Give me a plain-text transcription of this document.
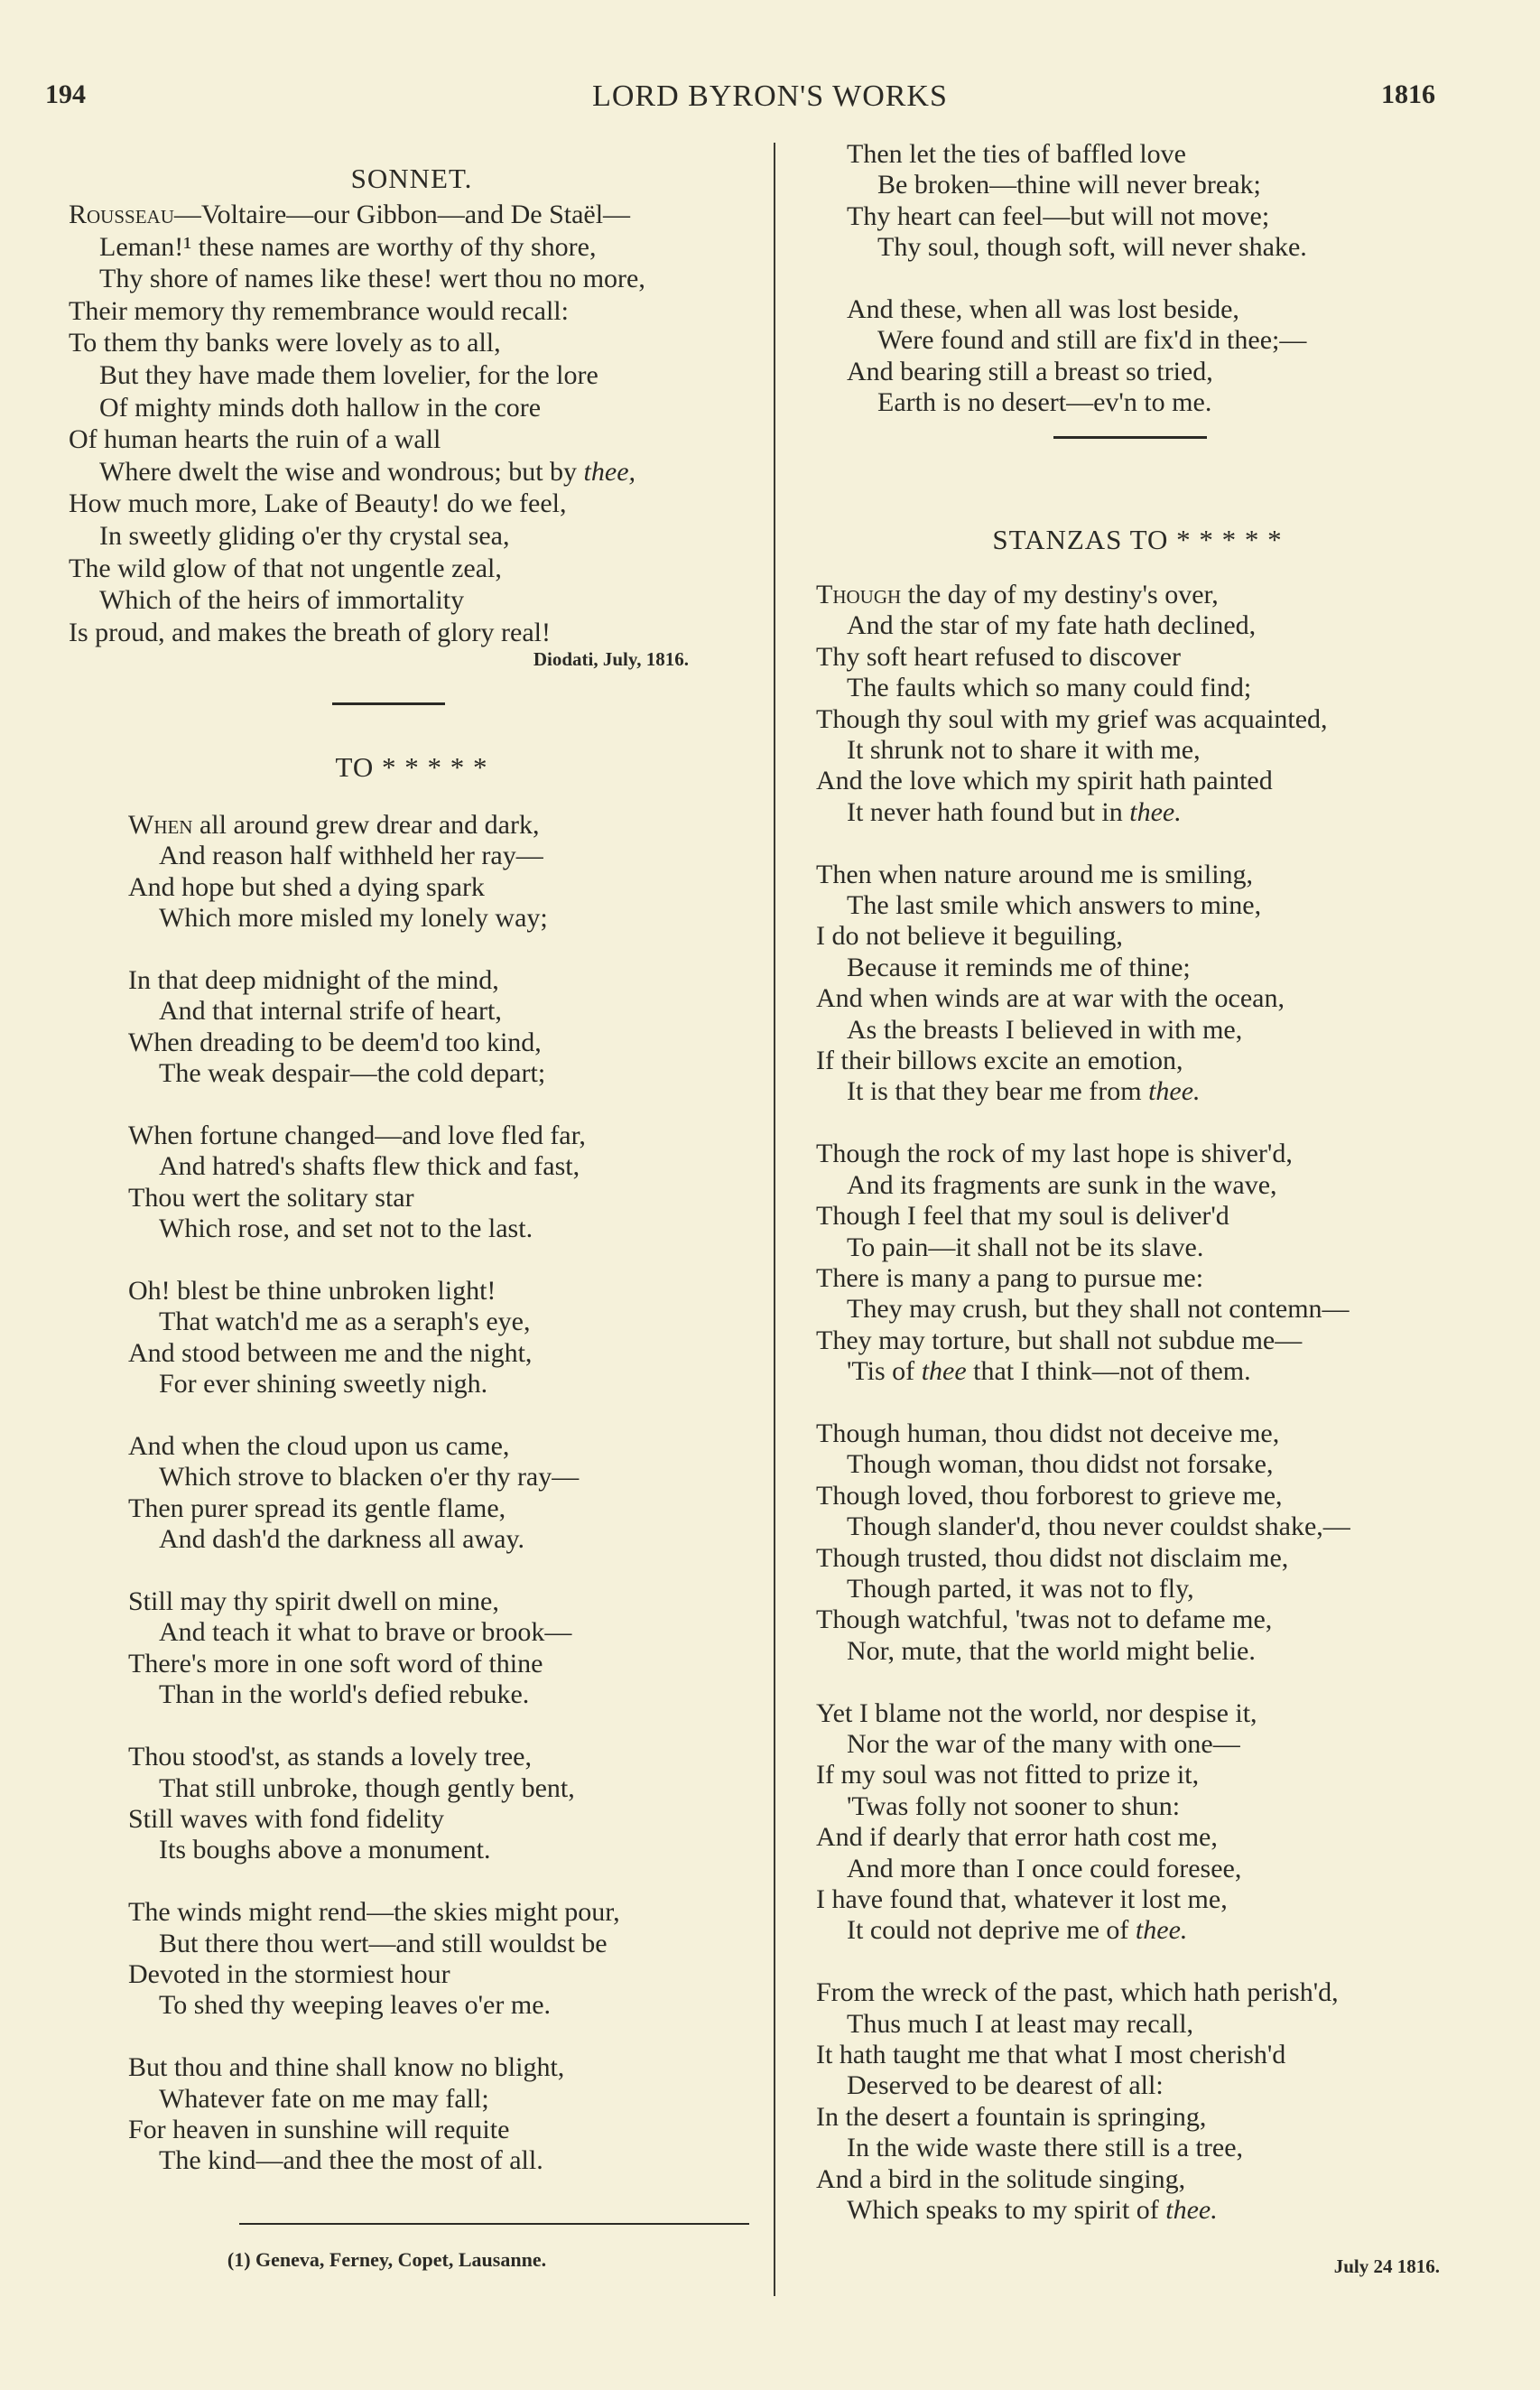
194	LORD BYRON'S WORKS	1816
SONNET.
Rousseau—Voltaire—our Gibbon—and De Staël—
Leman!¹ these names are worthy of thy shore,
Thy shore of names like these! wert thou no more,
Their memory thy remembrance would recall:
To them thy banks were lovely as to all,
But they have made them lovelier, for the lore
Of mighty minds doth hallow in the core
Of human hearts the ruin of a wall
Where dwelt the wise and wondrous; but by thee,
How much more, Lake of Beauty! do we feel,
In sweetly gliding o'er thy crystal sea,
The wild glow of that not ungentle zeal,
Which of the heirs of immortality
Is proud, and makes the breath of glory real!
Diodati, July, 1816.
TO * * * * *
When all around grew drear and dark,
And reason half withheld her ray—
And hope but shed a dying spark
Which more misled my lonely way;
In that deep midnight of the mind,
And that internal strife of heart,
When dreading to be deem'd too kind,
The weak despair—the cold depart;
When fortune changed—and love fled far,
And hatred's shafts flew thick and fast,
Thou wert the solitary star
Which rose, and set not to the last.
Oh! blest be thine unbroken light!
That watch'd me as a seraph's eye,
And stood between me and the night,
For ever shining sweetly nigh.
And when the cloud upon us came,
Which strove to blacken o'er thy ray—
Then purer spread its gentle flame,
And dash'd the darkness all away.
Still may thy spirit dwell on mine,
And teach it what to brave or brook—
There's more in one soft word of thine
Than in the world's defied rebuke.
Thou stood'st, as stands a lovely tree,
That still unbroke, though gently bent,
Still waves with fond fidelity
Its boughs above a monument.
The winds might rend—the skies might pour,
But there thou wert—and still wouldst be
Devoted in the stormiest hour
To shed thy weeping leaves o'er me.
But thou and thine shall know no blight,
Whatever fate on me may fall;
For heaven in sunshine will requite
The kind—and thee the most of all.
(1) Geneva, Ferney, Copet, Lausanne.
Then let the ties of baffled love
Be broken—thine will never break;
Thy heart can feel—but will not move;
Thy soul, though soft, will never shake.
And these, when all was lost beside,
Were found and still are fix'd in thee;—
And bearing still a breast so tried,
Earth is no desert—ev'n to me.
STANZAS TO * * * * *
Though the day of my destiny's over,
And the star of my fate hath declined,
Thy soft heart refused to discover
The faults which so many could find;
Though thy soul with my grief was acquainted,
It shrunk not to share it with me,
And the love which my spirit hath painted
It never hath found but in thee.
Then when nature around me is smiling,
The last smile which answers to mine,
I do not believe it beguiling,
Because it reminds me of thine;
And when winds are at war with the ocean,
As the breasts I believed in with me,
If their billows excite an emotion,
It is that they bear me from thee.
Though the rock of my last hope is shiver'd,
And its fragments are sunk in the wave,
Though I feel that my soul is deliver'd
To pain—it shall not be its slave.
There is many a pang to pursue me:
They may crush, but they shall not contemn—
They may torture, but shall not subdue me—
'Tis of thee that I think—not of them.
Though human, thou didst not deceive me,
Though woman, thou didst not forsake,
Though loved, thou forborest to grieve me,
Though slander'd, thou never couldst shake,—
Though trusted, thou didst not disclaim me,
Though parted, it was not to fly,
Though watchful, 'twas not to defame me,
Nor, mute, that the world might belie.
Yet I blame not the world, nor despise it,
Nor the war of the many with one—
If my soul was not fitted to prize it,
'Twas folly not sooner to shun:
And if dearly that error hath cost me,
And more than I once could foresee,
I have found that, whatever it lost me,
It could not deprive me of thee.
From the wreck of the past, which hath perish'd,
Thus much I at least may recall,
It hath taught me that what I most cherish'd
Deserved to be dearest of all:
In the desert a fountain is springing,
In the wide waste there still is a tree,
And a bird in the solitude singing,
Which speaks to my spirit of thee.
July 24 1816.
